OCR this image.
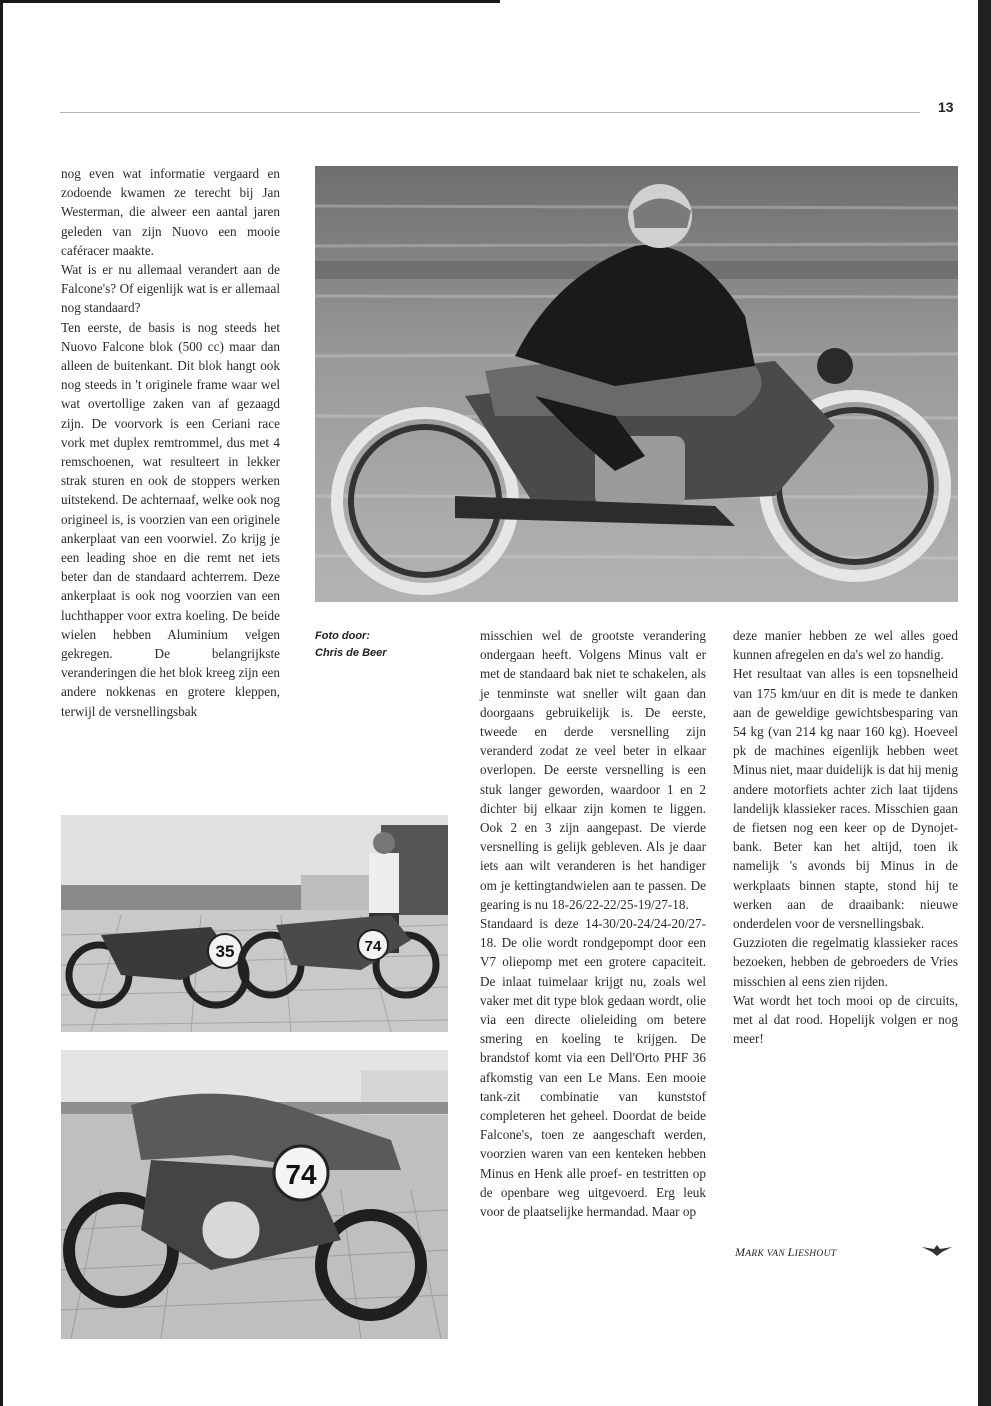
13

nog even wat informatie vergaard en zodoende kwamen ze terecht bij Jan Westerman, die alweer een aantal jaren geleden van zijn Nuovo een mooie caféracer maakte.

Wat is er nu allemaal verandert aan de Falcone's? Of eigenlijk wat is er allemaal nog standaard?

Ten eerste, de basis is nog steeds het Nuovo Falcone blok (500 cc) maar dan alleen de buitenkant. Dit blok hangt ook nog steeds in 't originele frame waar wel wat overtollige zaken van af gezaagd zijn. De voorvork is een Ceriani race vork met duplex remtrommel, dus met 4 remschoenen, wat resulteert in lekker strak sturen en ook de stoppers werken uitstekend. De achternaaf, welke ook nog origineel is, is voorzien van een originele ankerplaat van een voorwiel. Zo krijg je een leading shoe en die remt net iets beter dan de standaard achterrem. Deze ankerplaat is ook nog voorzien van een luchthapper voor extra koeling. De beide wielen hebben Aluminium velgen gekregen. De belangrijkste veranderingen die het blok kreeg zijn een andere nokkenas en grotere kleppen, terwijl de versnellingsbak

Foto door:
Chris de Beer

misschien wel de grootste verandering ondergaan heeft. Volgens Minus valt er met de standaard bak niet te schakelen, als je tenminste wat sneller wilt gaan dan doorgaans gebruikelijk is. De eerste, tweede en derde versnelling zijn veranderd zodat ze veel beter in elkaar overlopen. De eerste versnelling is een stuk langer geworden, waardoor 1 en 2 dichter bij elkaar zijn komen te liggen. Ook 2 en 3 zijn aangepast. De vierde versnelling is gelijk gebleven. Als je daar iets aan wilt veranderen is het handiger om je kettingtandwielen aan te passen. De gearing is nu 18-26/22-22/25-19/27-18.

Standaard is deze 14-30/20-24/24-20/27-18. De olie wordt rondgepompt door een V7 oliepomp met een grotere capaciteit. De inlaat tuimelaar krijgt nu, zoals wel vaker met dit type blok gedaan wordt, olie via een directe olieleiding om betere smering en koeling te krijgen. De brandstof komt via een Dell'Orto PHF 36 afkomstig van een Le Mans. Een mooie tank-zit combinatie van kunststof completeren het geheel. Doordat de beide Falcone's, toen ze aangeschaft werden, voorzien waren van een kenteken hebben Minus en Henk alle proef- en testritten op de openbare weg uitgevoerd. Erg leuk voor de plaatselijke hermandad. Maar op

deze manier hebben ze wel alles goed kunnen afregelen en da's wel zo handig.

Het resultaat van alles is een topsnelheid van 175 km/uur en dit is mede te danken aan de geweldige gewichtsbesparing van 54 kg (van 214 kg naar 160 kg). Hoeveel pk de machines eigenlijk hebben weet Minus niet, maar duidelijk is dat hij menig andere motorfiets achter zich laat tijdens landelijk klassieker races. Misschien gaan de fietsen nog een keer op de Dynojet-bank. Beter kan het altijd, toen ik namelijk 's avonds bij Minus in de werkplaats binnen stapte, stond hij te werken aan de draaibank: nieuwe onderdelen voor de versnellingsbak.

Guzzioten die regelmatig klassieker races bezoeken, hebben de gebroeders de Vries misschien al eens zien rijden.

Wat wordt het toch mooi op de circuits, met al dat rood. Hopelijk volgen er nog meer!

35	74
74
MARK VAN LIESHOUT
